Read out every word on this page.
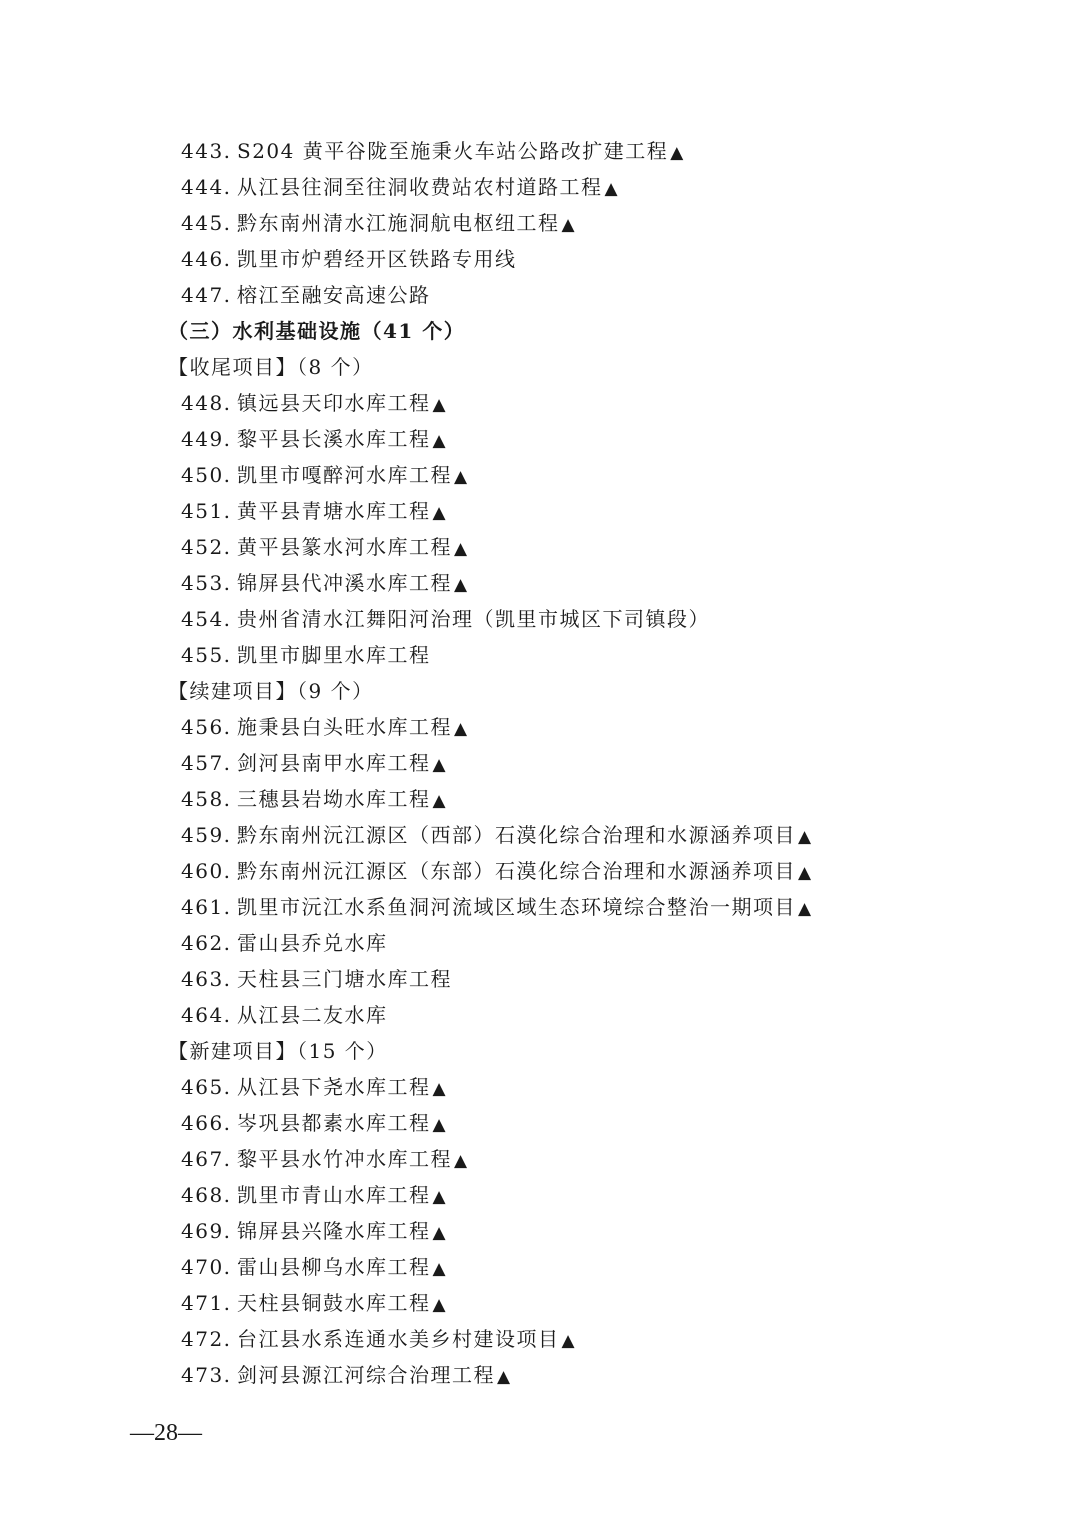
443. S204 黄平谷陇至施秉火车站公路改扩建工程 ▲
444. 从江县往洞至往洞收费站农村道路工程 ▲
445. 黔东南州清水江施洞航电枢纽工程 ▲
446. 凯里市炉碧经开区铁路专用线
447. 榕江至融安高速公路
（三）水利基础设施（41 个）
【收尾项目】（8 个）
448. 镇远县天印水库工程 ▲
449. 黎平县长溪水库工程 ▲
450. 凯里市嘎醉河水库工程 ▲
451. 黄平县青塘水库工程 ▲
452. 黄平县篆水河水库工程 ▲
453. 锦屏县代冲溪水库工程 ▲
454. 贵州省清水江舞阳河治理（凯里市城区下司镇段）
455. 凯里市脚里水库工程
【续建项目】（9 个）
456. 施秉县白头旺水库工程 ▲
457. 剑河县南甲水库工程 ▲
458. 三穗县岩坳水库工程 ▲
459. 黔东南州沅江源区（西部）石漠化综合治理和水源涵养项目 ▲
460. 黔东南州沅江源区（东部）石漠化综合治理和水源涵养项目 ▲
461. 凯里市沅江水系鱼洞河流域区域生态环境综合整治一期项目 ▲
462. 雷山县乔兑水库
463. 天柱县三门塘水库工程
464. 从江县二友水库
【新建项目】（15 个）
465. 从江县下尧水库工程 ▲
466. 岑巩县都素水库工程 ▲
467. 黎平县水竹冲水库工程 ▲
468. 凯里市青山水库工程 ▲
469. 锦屏县兴隆水库工程 ▲
470. 雷山县柳乌水库工程 ▲
471. 天柱县铜鼓水库工程 ▲
472. 台江县水系连通水美乡村建设项目 ▲
473. 剑河县源江河综合治理工程 ▲
—28—
